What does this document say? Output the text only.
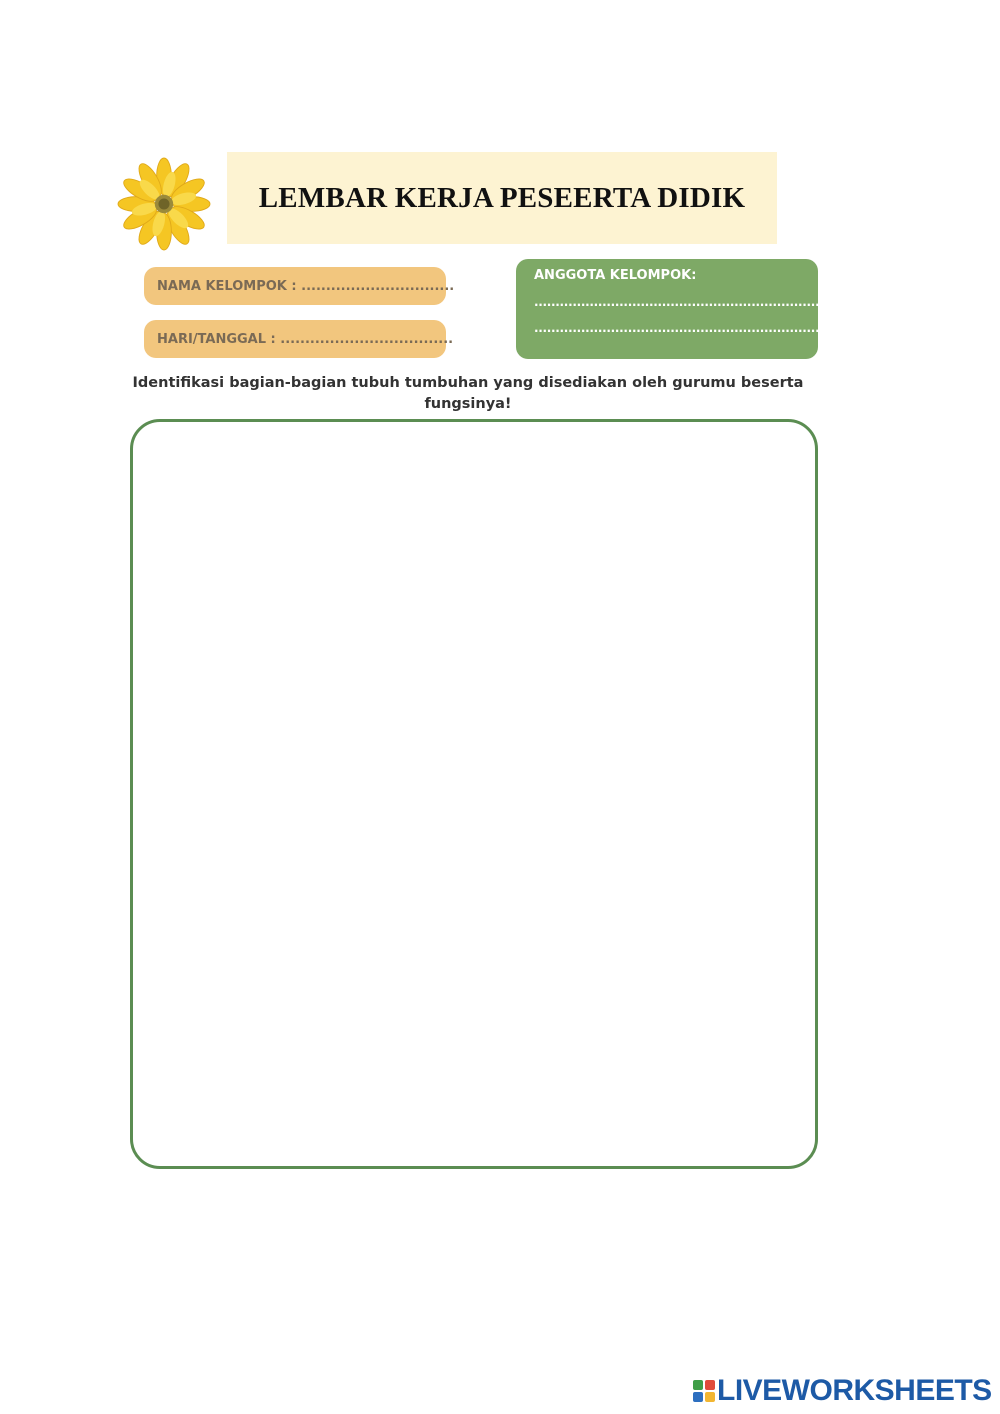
LEMBAR KERJA PESEERTA DIDIK
NAMA KELOMPOK : ...............................
HARI/TANGGAL : ...................................
ANGGOTA KELOMPOK:
........................................................................
........................................................................
Identifikasi bagian-bagian tubuh tumbuhan yang disediakan oleh gurumu beserta fungsinya!
LIVEWORKSHEETS
